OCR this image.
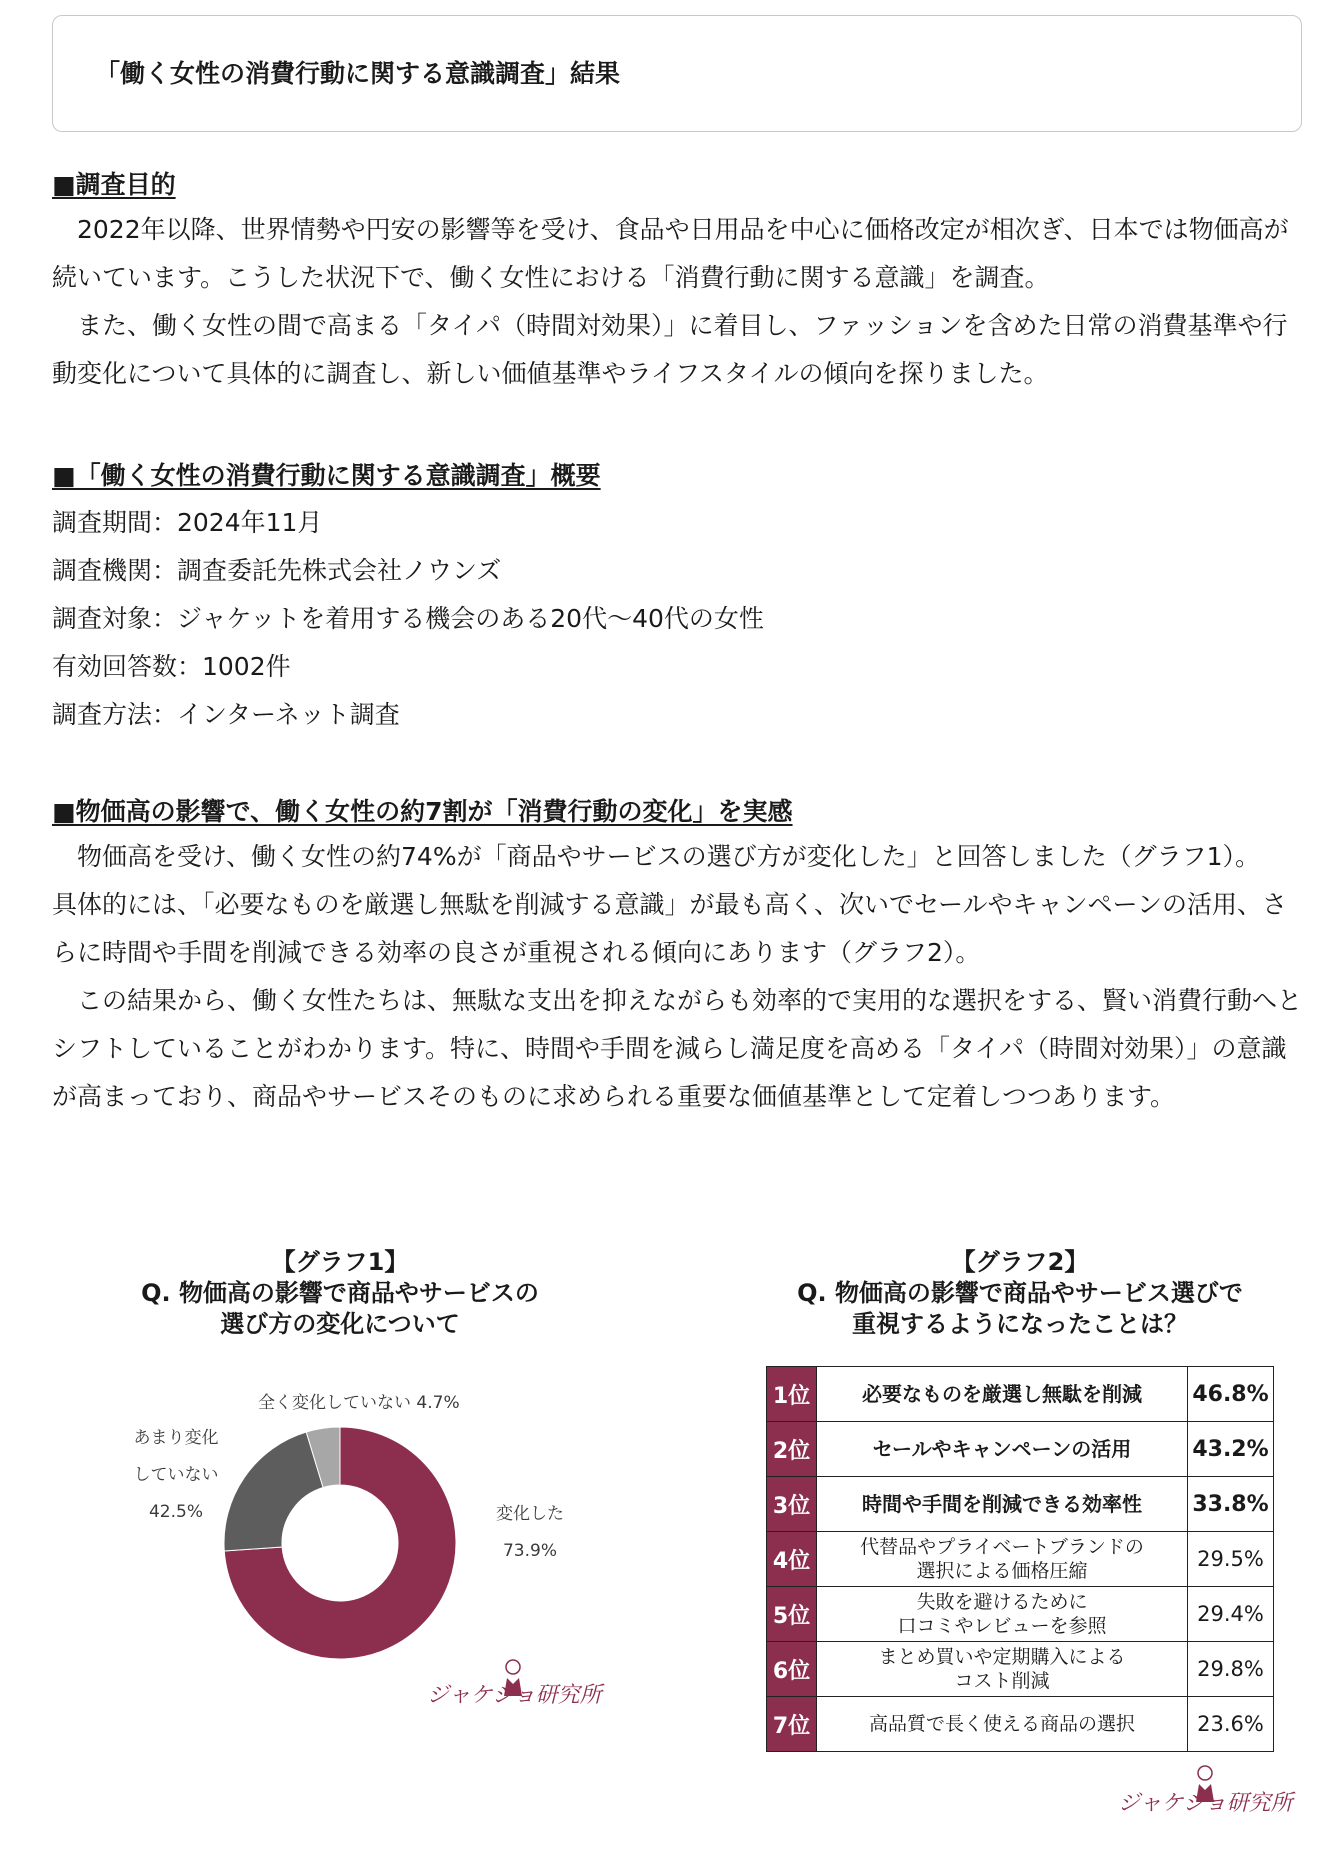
「働く女性の消費行動に関する意識調査」結果
■調査目的

　2022年以降、世界情勢や円安の影響等を受け、食品や日用品を中心に価格改定が相次ぎ、日本では物価高が続いています。こうした状況下で、働く女性における「消費行動に関する意識」を調査。

　また、働く女性の間で高まる「タイパ（時間対効果）」に着目し、ファッションを含めた日常の消費基準や行動変化について具体的に調査し、新しい価値基準やライフスタイルの傾向を探りました。

■「働く女性の消費行動に関する意識調査」概要
調査期間：2024年11月
調査機関：調査委託先株式会社ノウンズ
調査対象：ジャケットを着用する機会のある20代〜40代の女性
有効回答数：1002件
調査方法：インターネット調査
■物価高の影響で、働く女性の約7割が「消費行動の変化」を実感

　物価高を受け、働く女性の約74%が「商品やサービスの選び方が変化した」と回答しました（グラフ1）。

具体的には、「必要なものを厳選し無駄を削減する意識」が最も高く、次いでセールやキャンペーンの活用、さらに時間や手間を削減できる効率の良さが重視される傾向にあります（グラフ2）。

　この結果から、働く女性たちは、無駄な支出を抑えながらも効率的で実用的な選択をする、賢い消費行動へとシフトしていることがわかります。特に、時間や手間を減らし満足度を高める「タイパ（時間対効果）」の意識が高まっており、商品やサービスそのものに求められる重要な価値基準として定着しつつあります。

【グラフ1】
Q. 物価高の影響で商品やサービスの
選び方の変化について
全く変化していない 4.7%
あまり変化
していない
42.5%	変化した
73.9%
ジャケジョ研究所
【グラフ2】
Q. 物価高の影響で商品やサービス選びで
重視するようになったことは？
1位	必要なものを厳選し無駄を削減	46.8%
2位	セールやキャンペーンの活用	43.2%
3位	時間や手間を削減できる効率性	33.8%
4位	代替品やプライベートブランドの
選択による価格圧縮	29.5%
5位	失敗を避けるために
口コミやレビューを参照	29.4%
6位	まとめ買いや定期購入による
コスト削減	29.8%
7位	高品質で長く使える商品の選択	23.6%
ジャケジョ研究所
